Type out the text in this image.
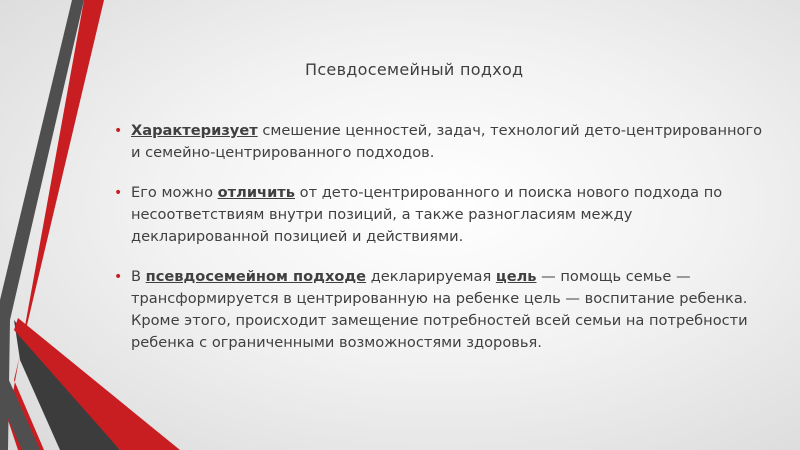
Псевдосемейный подход
• Характеризует смешение ценностей, задач, технологий дето-центрированного и семейно-центрированного подходов.
• Его можно отличить от дето-центрированного и поиска нового подхода по несоответствиям внутри позиций, а также разногласиям между декларированной позицией и действиями.
• В псевдосемейном подходе декларируемая цель — помощь семье — трансформируется в центрированную на ребенке цель — воспитание ребенка. Кроме этого, происходит замещение потребностей всей семьи на потребности ребенка с ограниченными возможностями здоровья.
